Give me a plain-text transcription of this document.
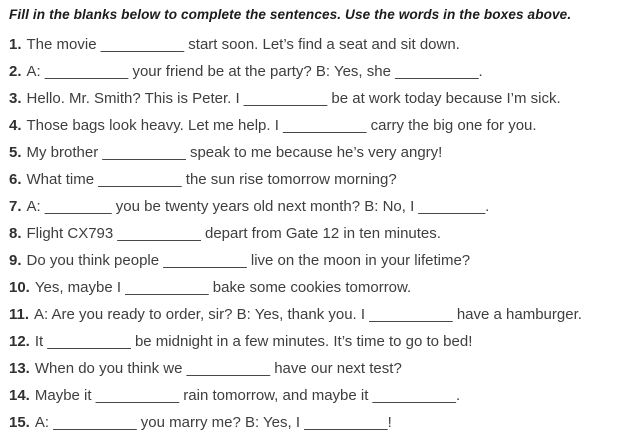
Fill in the blanks below to complete the sentences. Use the words in the boxes above.
1. The movie __________ start soon. Let’s find a seat and sit down.
2. A: __________ your friend be at the party? B: Yes, she __________.
3. Hello. Mr. Smith? This is Peter. I __________ be at work today because I’m sick.
4. Those bags look heavy. Let me help. I __________ carry the big one for you.
5. My brother __________ speak to me because he’s very angry!
6. What time __________ the sun rise tomorrow morning?
7. A: ________ you be twenty years old next month? B: No, I ________.
8. Flight CX793 __________ depart from Gate 12 in ten minutes.
9. Do you think people __________ live on the moon in your lifetime?
10. Yes, maybe I __________ bake some cookies tomorrow.
11. A: Are you ready to order, sir? B: Yes, thank you. I __________ have a hamburger.
12. It __________ be midnight in a few minutes. It’s time to go to bed!
13. When do you think we __________ have our next test?
14. Maybe it __________ rain tomorrow, and maybe it __________.
15. A: __________ you marry me? B: Yes, I __________!
